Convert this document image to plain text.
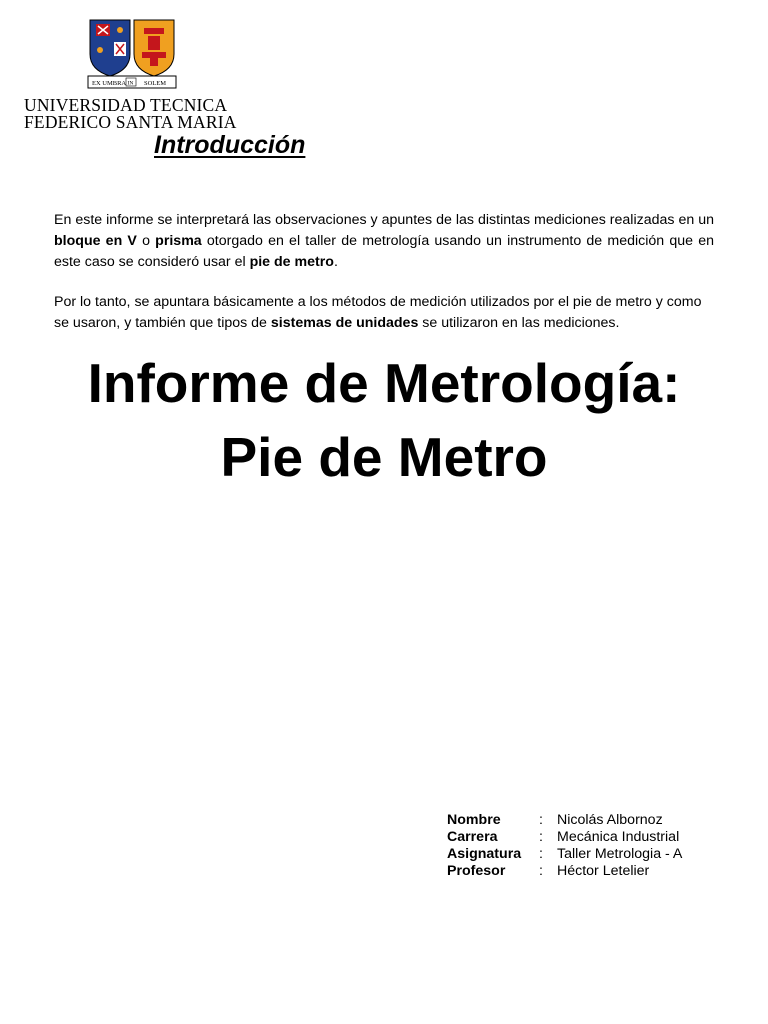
EX UMBRA IN SOLEM
UNIVERSIDAD TECNICA
FEDERICO SANTA MARIA
Introducción

En este informe se interpretará las observaciones y apuntes de las distintas mediciones realizadas en un bloque en V o prisma otorgado en el taller de metrología usando un instrumento de medición que en este caso se consideró usar el pie de metro.

Por lo tanto, se apuntara básicamente a los métodos de medición utilizados por el pie de metro y como se usaron, y también que tipos de sistemas de unidades se utilizaron en las mediciones.

Informe de Metrología:
Pie de Metro
Nombre	:	Nicolás Albornoz
Carrera	:	Mecánica Industrial
Asignatura	:	Taller Metrologia - A
Profesor	:	Héctor Letelier
